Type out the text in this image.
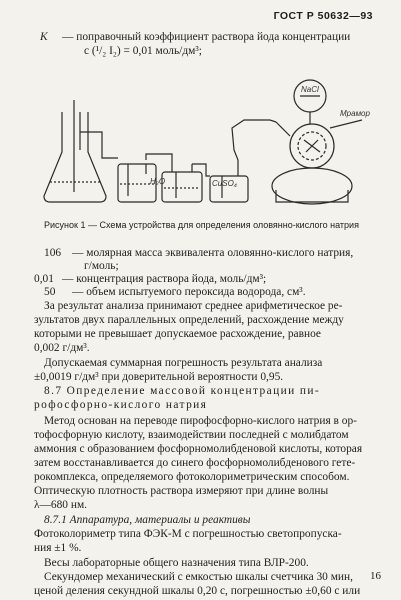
ГОСТ Р 50632—93
К — поправочный коэффициент раствора йода концентрации
с (¹/₂ I₂) = 0,01 моль/дм³;
NaCl
H₂O	CuSO₄
Мрамор
Рисунок 1 — Схема устройства для определения оловянно-кислого натрия
106 — молярная масса эквивалента оловянно-кислого натрия,
г/моль;
0,01 — концентрация раствора йода, моль/дм³;
50 — объем испытуемого пероксида водорода, см³.
За результат анализа принимают среднее арифметическое ре-
зультатов двух параллельных определений, расхождение между
которыми не превышает допускаемое расхождение, равное
0,002 г/дм³.
Допускаемая суммарная погрешность результата анализа
±0,0019 г/дм³ при доверительной вероятности 0,95.
8.7 Определение массовой концентрации пи-
рофосфорно-кислого натрия
Метод основан на переводе пирофосфорно-кислого натрия в ор-
тофосфорную кислоту, взаимодействии последней с молибдатом
аммония с образованием фосфорномолибденовой кислоты, которая
затем восстанавливается до синего фосфорномолибденового гете-
рокомплекса, определяемого фотоколориметрическим способом.
Оптическую плотность раствора измеряют при длине волны
λ—680 нм.
8.7.1 Аппаратура, материалы и реактивы
Фотоколориметр типа ФЭК-М с погрешностью светопропуска-
ния ±1 %.
Весы лабораторные общего назначения типа ВЛР-200.
Секундомер механический с емкостью шкалы счетчика 30 мин,
ценой деления секундной шкалы 0,20 с, погрешностью ±0,60 с или
16
